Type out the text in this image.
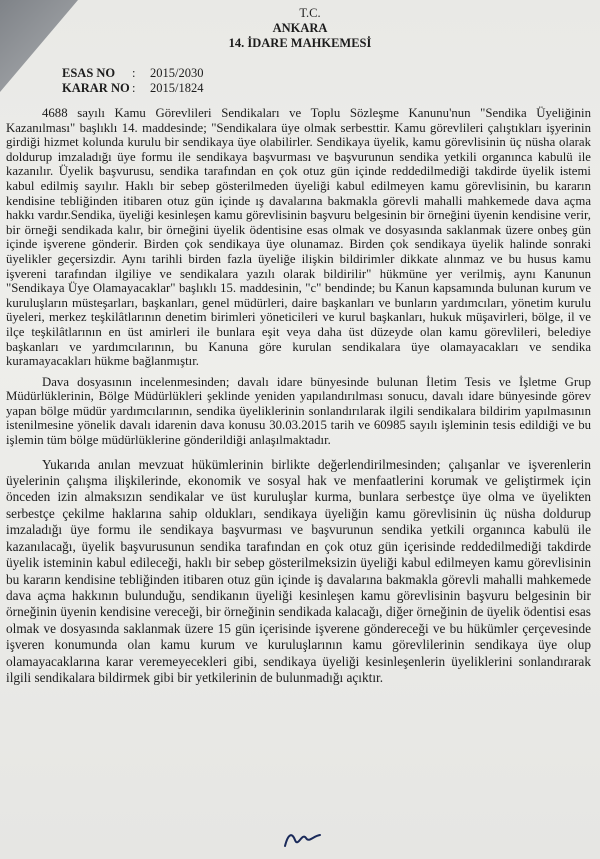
T.C.
ANKARA
14. İDARE MAHKEMESİ
ESAS NO	:	2015/2030
KARAR NO :	2015/1824

4688 sayılı Kamu Görevlileri Sendikaları ve Toplu Sözleşme Kanunu'nun "Sendika Üyeliğinin Kazanılması" başlıklı 14. maddesinde; "Sendikalara üye olmak serbesttir. Kamu görevlileri çalıştıkları işyerinin girdiği hizmet kolunda kurulu bir sendikaya üye olabilirler. Sendikaya üyelik, kamu görevlisinin üç nüsha olarak doldurup imzaladığı üye formu ile sendikaya başvurması ve başvurunun sendika yetkili organınca kabulü ile kazanılır. Üyelik başvurusu, sendika tarafından en çok otuz gün içinde reddedilmediği takdirde üyelik istemi kabul edilmiş sayılır. Haklı bir sebep gösterilmeden üyeliği kabul edilmeyen kamu görevlisinin, bu kararın kendisine tebliğinden itibaren otuz gün içinde ış davalarına bakmakla görevli mahalli mahkemede dava açma hakkı vardır.Sendika, üyeliği kesinleşen kamu görevlisinin başvuru belgesinin bir örneğini üyenin kendisine verir, bir örneği sendikada kalır, bir örneğini üyelik ödentisine esas olmak ve dosyasında saklanmak üzere onbeş gün içinde işverene gönderir. Birden çok sendikaya üye olunamaz. Birden çok sendikaya üyelik halinde sonraki üyelikler geçersizdir. Aynı tarihli birden fazla üyeliğe ilişkin bildirimler dikkate alınmaz ve bu husus kamu işvereni tarafından ilgiliye ve sendikalara yazılı olarak bildirilir" hükmüne yer verilmiş, aynı Kanunun "Sendikaya Üye Olamayacaklar" başlıklı 15. maddesinin, "c" bendinde; bu Kanun kapsamında bulunan kurum ve kuruluşların müsteşarları, başkanları, genel müdürleri, daire başkanları ve bunların yardımcıları, yönetim kurulu üyeleri, merkez teşkilâtlarının denetim birimleri yöneticileri ve kurul başkanları, hukuk müşavirleri, bölge, il ve ilçe teşkilâtlarının en üst amirleri ile bunlara eşit veya daha üst düzeyde olan kamu görevlileri, belediye başkanları ve yardımcılarının, bu Kanuna göre kurulan sendikalara üye olamayacakları ve sendika kuramayacakları hükme bağlanmıştır.

Dava dosyasının incelenmesinden; davalı idare bünyesinde bulunan İletim Tesis ve İşletme Grup Müdürlüklerinin, Bölge Müdürlükleri şeklinde yeniden yapılandırılması sonucu, davalı idare bünyesinde görev yapan bölge müdür yardımcılarının, sendika üyeliklerinin sonlandırılarak ilgili sendikalara bildirim yapılmasının istenilmesine yönelik davalı idarenin dava konusu 30.03.2015 tarih ve 60985 sayılı işleminin tesis edildiği ve bu işlemin tüm bölge müdürlüklerine gönderildiği anlaşılmaktadır.

Yukarıda anılan mevzuat hükümlerinin birlikte değerlendirilmesinden; çalışanlar ve işverenlerin üyelerinin çalışma ilişkilerinde, ekonomik ve sosyal hak ve menfaatlerini korumak ve geliştirmek için önceden izin almaksızın sendikalar ve üst kuruluşlar kurma, bunlara serbestçe üye olma ve üyelikten serbestçe çekilme haklarına sahip oldukları, sendikaya üyeliğin kamu görevlisinin üç nüsha doldurup imzaladığı üye formu ile sendikaya başvurması ve başvurunun sendika yetkili organınca kabulü ile kazanılacağı, üyelik başvurusunun sendika tarafından en çok otuz gün içerisinde reddedilmediği takdirde üyelik isteminin kabul edileceği, haklı bir sebep gösterilmeksizin üyeliği kabul edilmeyen kamu görevlisinin bu kararın kendisine tebliğinden itibaren otuz gün içinde iş davalarına bakmakla görevli mahalli mahkemede dava açma hakkının bulunduğu, sendikanın üyeliği kesinleşen kamu görevlisinin başvuru belgesinin bir örneğinin üyenin kendisine vereceği, bir örneğinin sendikada kalacağı, diğer örneğinin de üyelik ödentisi esas olmak ve dosyasında saklanmak üzere 15 gün içerisinde işverene göndereceği ve bu hükümler çerçevesinde işveren konumunda olan kamu kurum ve kuruluşlarının kamu görevlilerinin sendikaya üye olup olamayacaklarına karar veremeyecekleri gibi, sendikaya üyeliği kesinleşenlerin üyeliklerini sonlandırarak ilgili sendikalara bildirmek gibi bir yetkilerinin de bulunmadığı açıktır.
